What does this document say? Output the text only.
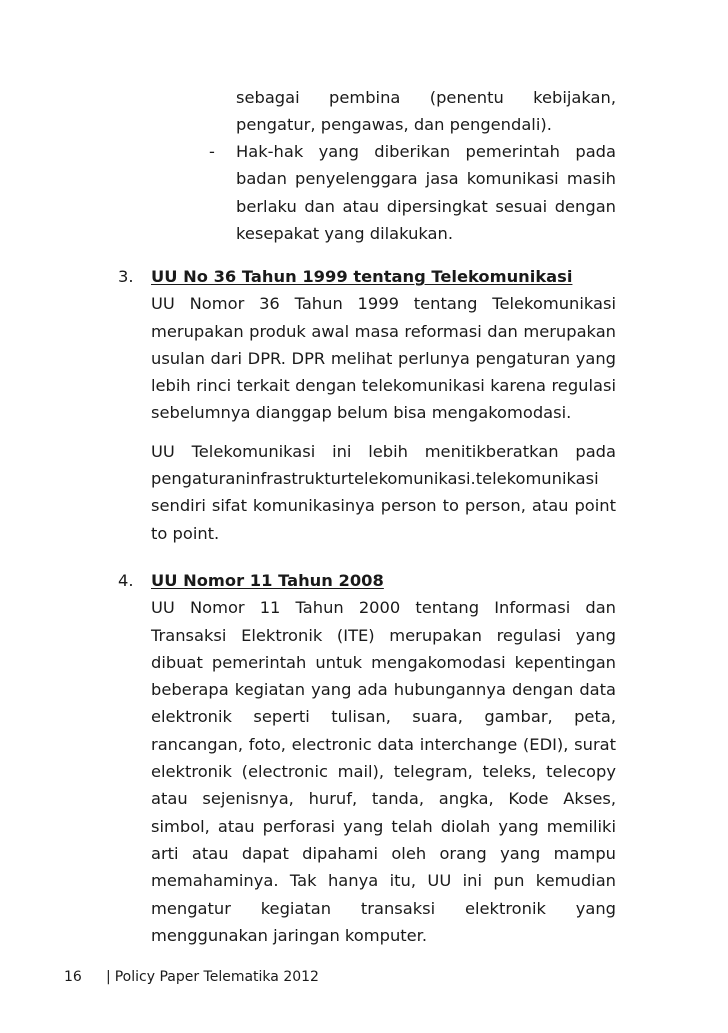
sebagai pembina (penentu kebijakan, pengatur, pengawas, dan pengendali).

- Hak-hak yang diberikan pemerintah pada badan penyelenggara jasa komunikasi masih berlaku dan atau dipersingkat sesuai dengan kesepakat yang dilakukan.

3. UU No 36 Tahun 1999 tentang Telekomunikasi

UU Nomor 36 Tahun 1999 tentang Telekomunikasi merupakan produk awal masa reformasi dan merupakan usulan dari DPR. DPR melihat perlunya pengaturan yang lebih rinci terkait dengan telekomunikasi karena regulasi sebelumnya dianggap belum bisa mengakomodasi.

UU Telekomunikasi ini lebih menitikberatkan pada pengaturaninfrastrukturtelekomunikasi.telekomunikasi

sendiri sifat komunikasinya person to person, atau point to point.

4. UU Nomor 11 Tahun 2008

UU Nomor 11 Tahun 2000 tentang Informasi dan Transaksi Elektronik (ITE) merupakan regulasi yang dibuat pemerintah untuk mengakomodasi kepentingan beberapa kegiatan yang ada hubungannya dengan data elektronik seperti tulisan, suara, gambar, peta, rancangan, foto, electronic data interchange (EDI), surat elektronik (electronic mail), telegram, teleks, telecopy atau sejenisnya, huruf, tanda, angka, Kode Akses, simbol, atau perforasi yang telah diolah yang memiliki arti atau dapat dipahami oleh orang yang mampu memahaminya. Tak hanya itu, UU ini pun kemudian mengatur kegiatan transaksi elektronik yang menggunakan jaringan komputer.

16 | Policy Paper Telematika 2012
